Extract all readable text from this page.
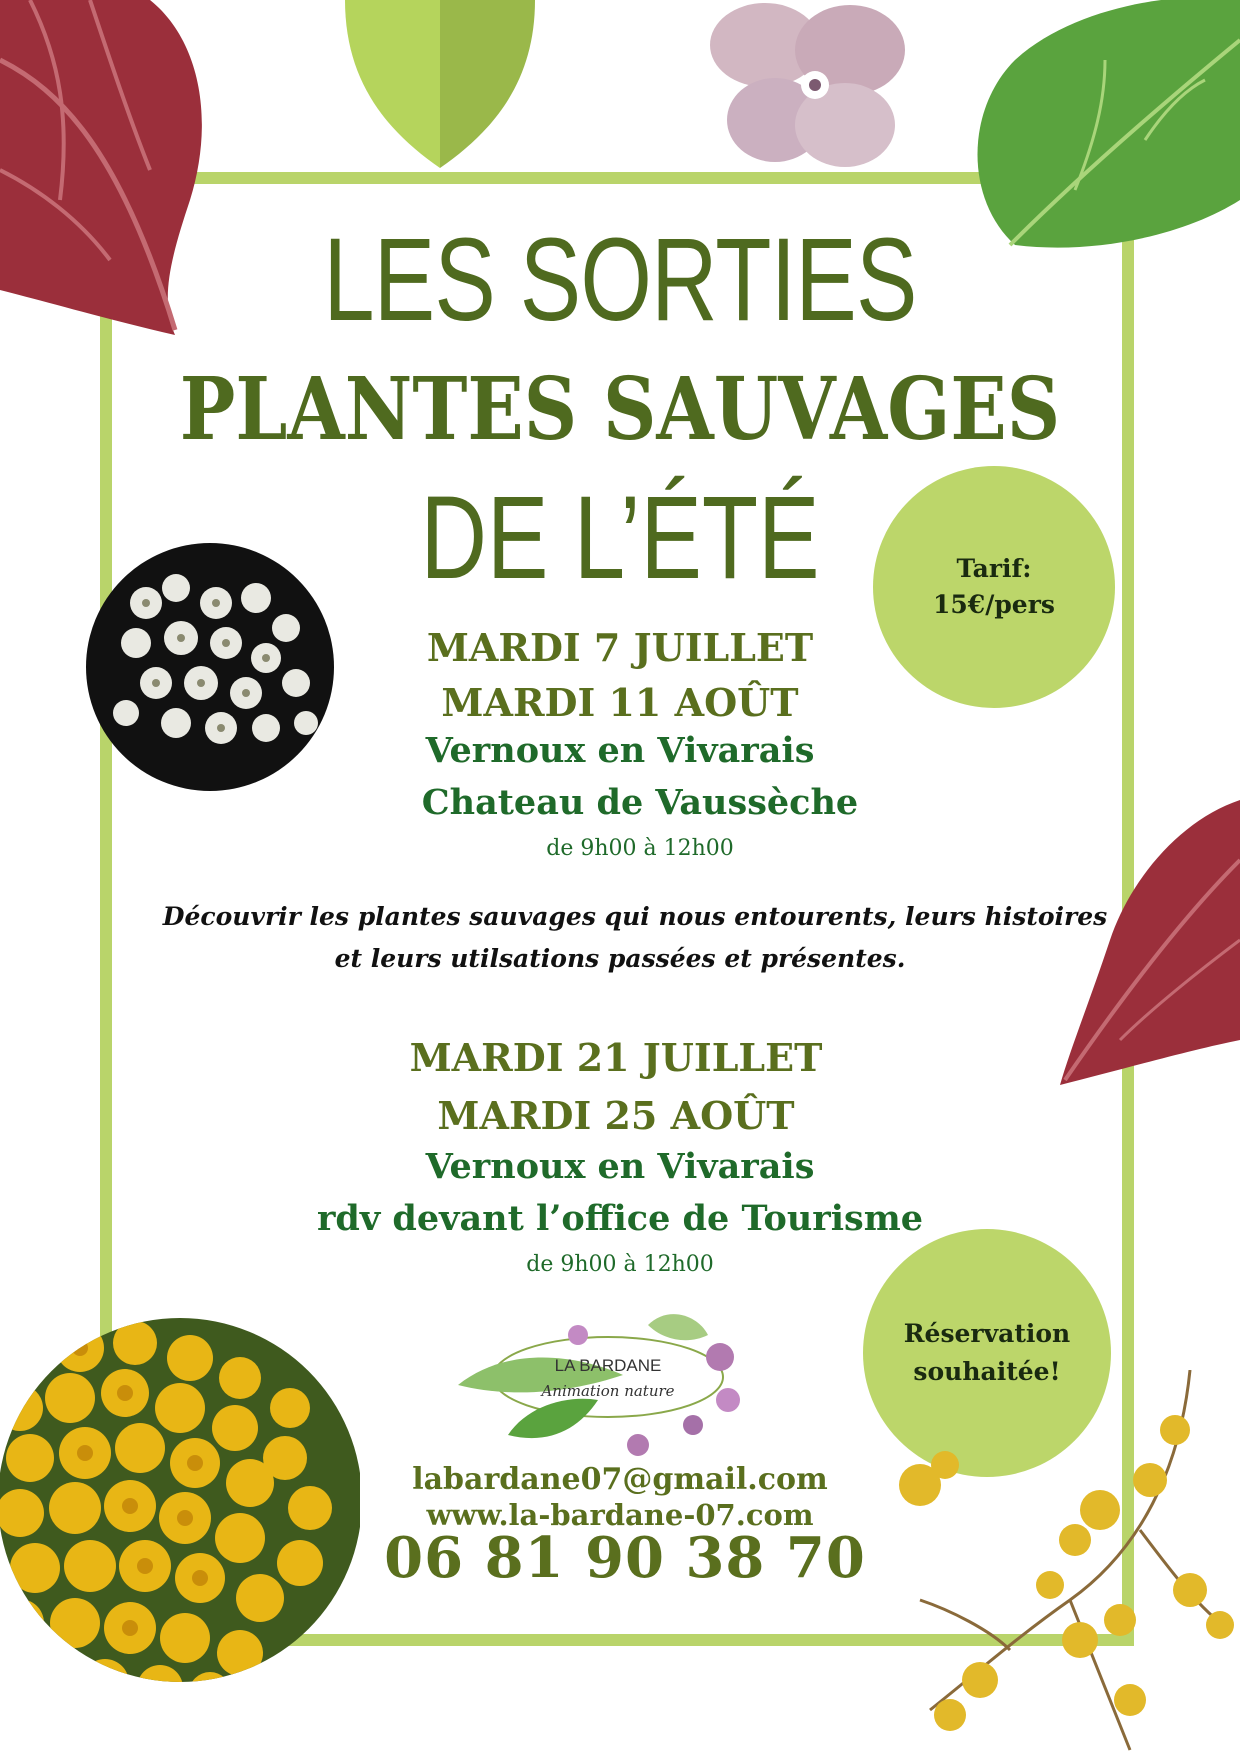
LES SORTIES
PLANTES SAUVAGES
DE L’ÉTÉ	Tarif:
15€/pers
MARDI 7 JUILLET
MARDI 11 AOÛT
Vernoux en Vivarais
Chateau de Vaussèche
de 9h00 à 12h00
Découvrir les plantes sauvages qui nous entourents, leurs histoires
et leurs utilsations passées et présentes.
MARDI 21 JUILLET
MARDI 25 AOÛT
Vernoux en Vivarais
rdv devant l’office de Tourisme
de 9h00 à 12h00
Réservation
souhaitée!
LA BARDANE
Animation nature
labardane07@gmail.com
www.la-bardane-07.com
06 81 90 38 70
